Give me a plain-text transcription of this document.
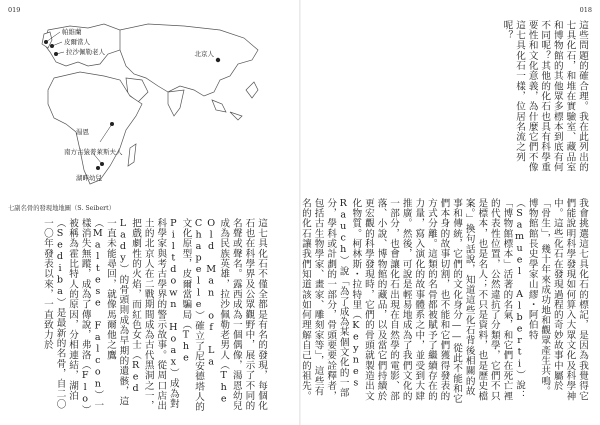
019	018
帕維蘭
皮爾當人
拉沙佩勒老人	北京人
湯恩
南方古猿普萊斯夫人
湖畔幼兒
七副名骨的發現地地圖（S. Seibert）

這些問題的確合理。我在此列出的七具化石，和堆在實驗室、藏品室和博物館的其他眾多標本到底有何不同呢？其他的化石也具有科學重要性和文化意義，為什麼它們不像這七具化石一樣，位居名流之列呢？

我會挑選這七具化石的標記，是因為我覺得它們能說明科學發現如何算入大眾文化及科學神中。這些化石在發現過程的奇妙故事中屬於「骨生」，幾十年來成功地和觀眾產生共鳴。博物館館長史學家山繆・阿伯特（Samuel Alberti）說：「博物館標本」活著的名氣，和它們在死亡裡的代表性位置，公然違抗了分類學，它們不只是標本，也是名人；不只是資料，也是歷史檔案。」換句話說，知道這些化石背後相關的故事和傳統，它們的文化身分——從此不能和它們本身的故事切割，也不能和它們獲得發表的方式分離。這類的名骨都被賦予了繼續存在的力量，寫入演化的故事體系之中，並受到大肆推廣。然後，可說是輕易地成為了我們文化的一部分，也會讓化石出現在自然學的電影、部落、小說、博物館的藏品，以及當它們持續於更宏觀的科學發現時，它們的骨頭就製造出文化物質。柯林斯・拉特里（Keynes Rauch）說「為了成為某個文化的一部分，學科或計劃的一部分，骨頭要要詮釋者，包括古生物學家、畫家、雕刻家等」，這些有名的化石讓我們知道該如何理解自己的祖先。

這七具化石不僅全都是有名的發現，每個化石也在科學界及公眾觀野中，展示了不同的名聲或聲名。露西成為一個偶像，湯恩幼兒成為民族英雄，拉沙佩勒老男人（The Old Man of La Chapelle）確立了尼安德塔人的文化原型，皮爾當騙局（The Piltdown Hoax）成為對科學家與考古學界的警示故事。從周口店出土的北京人在二戰期間成為古代黑洞之一，把戲劇性的火焰，而紅色女士（Red Lady）的骨頭則成為早期的遺骸，這一直未能尋回，就像馬爾他之鷹（Maltese Falcon）一樣消失無蹤，成為了傳說，弗洛（Flo）被稱為霍比特人的原因，分相連結，湖泊（Sediba）是最新的名骨，自二〇一〇年發表以來，一直致力於
